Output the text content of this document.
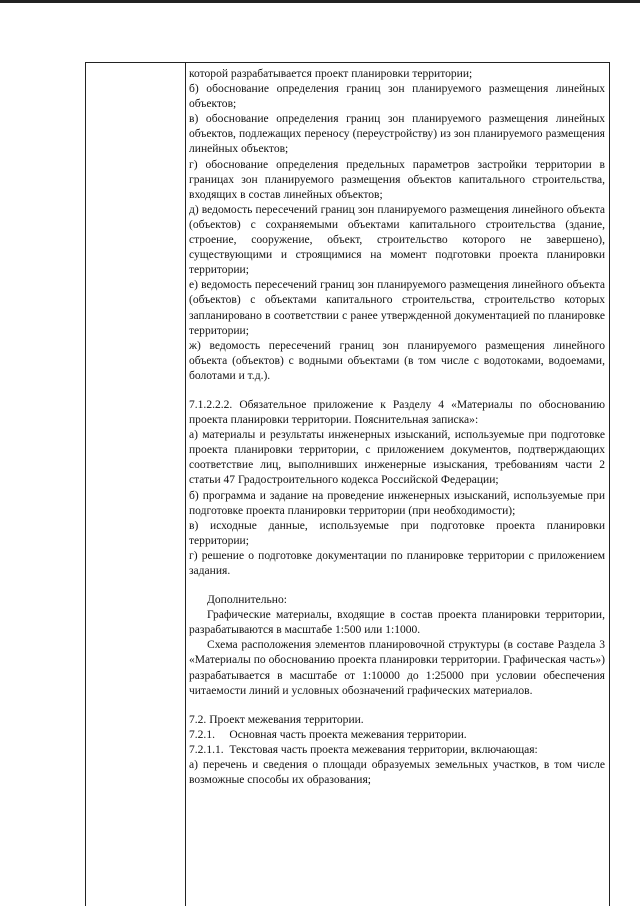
которой разрабатывается проект планировки территории;

б) обоснование определения границ зон планируемого размещения линейных объектов;

в) обоснование определения границ зон планируемого размещения линейных объектов, подлежащих переносу (переустройству) из зон планируемого размещения линейных объектов;

г) обоснование определения предельных параметров застройки территории в границах зон планируемого размещения объектов капитального строительства, входящих в состав линейных объектов;

д) ведомость пересечений границ зон планируемого размещения линейного объекта (объектов) с сохраняемыми объектами капитального строительства (здание, строение, сооружение, объект, строительство которого не завершено), существующими и строящимися на момент подготовки проекта планировки территории;

е) ведомость пересечений границ зон планируемого размещения линейного объекта (объектов) с объектами капитального строительства, строительство которых запланировано в соответствии с ранее утвержденной документацией по планировке территории;

ж) ведомость пересечений границ зон планируемого размещения линейного объекта (объектов) с водными объектами (в том числе с водотоками, водоемами, болотами и т.д.).

7.1.2.2.2. Обязательное приложение к Разделу 4 «Материалы по обоснованию проекта планировки территории. Пояснительная записка»:

а) материалы и результаты инженерных изысканий, используемые при подготовке проекта планировки территории, с приложением документов, подтверждающих соответствие лиц, выполнивших инженерные изыскания, требованиям части 2 статьи 47 Градостроительного кодекса Российской Федерации;

б) программа и задание на проведение инженерных изысканий, используемые при подготовке проекта планировки территории (при необходимости);

в) исходные данные, используемые при подготовке проекта планировки территории;

г) решение о подготовке документации по планировке территории с приложением задания.

Дополнительно:

Графические материалы, входящие в состав проекта планировки территории, разрабатываются в масштабе 1:500 или 1:1000.

Схема расположения элементов планировочной структуры (в составе Раздела 3 «Материалы по обоснованию проекта планировки территории. Графическая часть») разрабатывается в масштабе от 1:10000 до 1:25000 при условии обеспечения читаемости линий и условных обозначений графических материалов.

7.2. Проект межевания территории.

7.2.1.     Основная часть проекта межевания территории.

7.2.1.1.  Текстовая часть проекта межевания территории, включающая:

а) перечень и сведения о площади образуемых земельных участков, в том числе возможные способы их образования;
